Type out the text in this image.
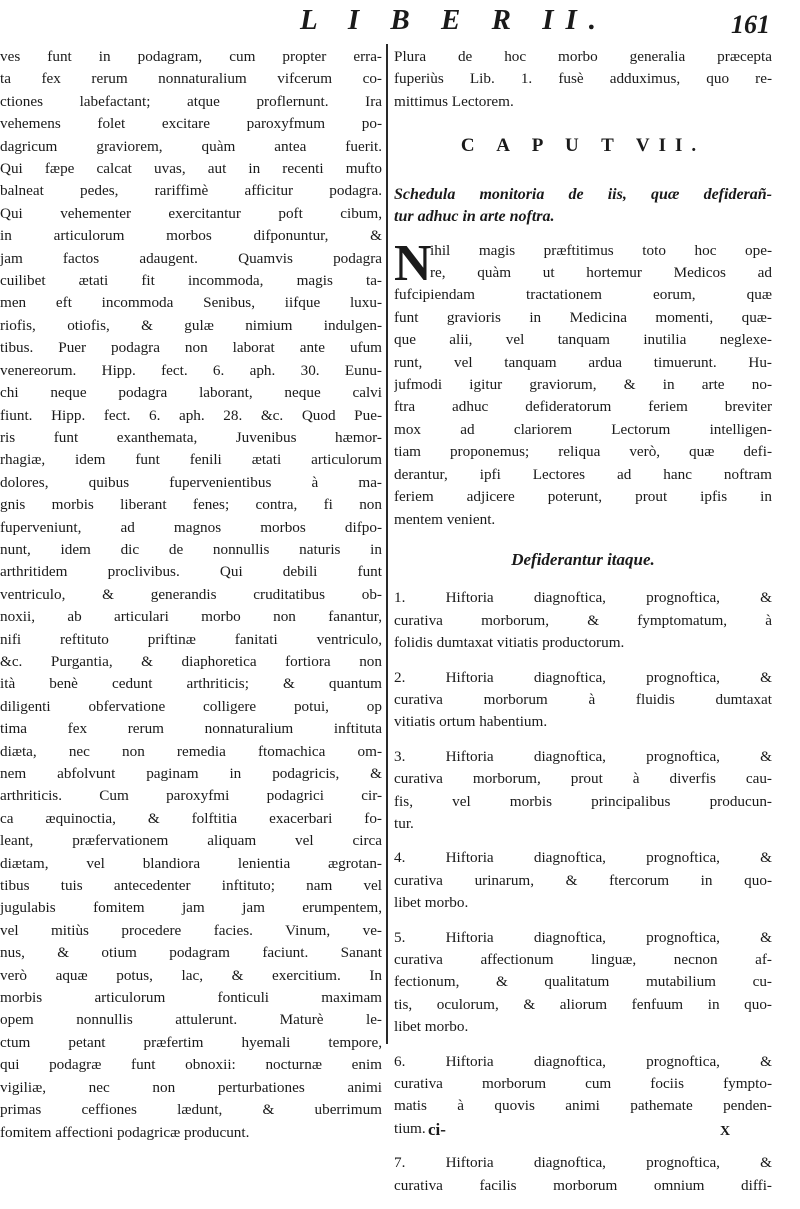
L I B E R II.	161
ves funt in podagram, cum propter erra-
ta fex rerum nonnaturalium vifcerum co-
ctiones labefactant; atque proflernunt. Ira
vehemens folet excitare paroxyfmum po-
dagricum graviorem, quàm antea fuerit.
Qui fæpe calcat uvas, aut in recenti mufto
balneat pedes, rariffimè afficitur podagra.
Qui vehementer exercitantur poft cibum,
in articulorum morbos difponuntur, &
jam factos adaugent. Quamvis podagra
cuilibet ætati fit incommoda, magis ta-
men eft incommoda Senibus, iifque luxu-
riofis, otiofis, & gulæ nimium indulgen-
tibus. Puer podagra non laborat ante ufum
venereorum. Hipp. fect. 6. aph. 30. Eunu-
chi neque podagra laborant, neque calvi
fiunt. Hipp. fect. 6. aph. 28. &c. Quod Pue-
ris funt exanthemata, Juvenibus hæmor-
rhagiæ, idem funt fenili ætati articulorum
dolores, quibus fupervenientibus à ma-
gnis morbis liberant fenes; contra, fi non
fuperveniunt, ad magnos morbos difpo-
nunt, idem dic de nonnullis naturis in
arthritidem proclivibus. Qui debili funt
ventriculo, & generandis cruditatibus ob-
noxii, ab articulari morbo non fanantur,
nifi reftituto priftinæ fanitati ventriculo,
&c. Purgantia, & diaphoretica fortiora non
ità benè cedunt arthriticis; & quantum
diligenti obfervatione colligere potui, op
tima fex rerum nonnaturalium inftituta
diæta, nec non remedia ftomachica om-
nem abfolvunt paginam in podagricis, &
arthriticis. Cum paroxyfmi podagrici cir-
ca æquinoctia, & folftitia exacerbari fo-
leant, præfervationem aliquam vel circa
diætam, vel blandiora lenientia ægrotan-
tibus tuis antecedenter inftituto; nam vel
jugulabis fomitem jam jam erumpentem,
vel mitiùs procedere facies. Vinum, ve-
nus, & otium podagram faciunt. Sanant
verò aquæ potus, lac, & exercitium. In
morbis articulorum fonticuli maximam
opem nonnullis attulerunt. Maturè le-
ctum petant præfertim hyemali tempore,
qui podagræ funt obnoxii: nocturnæ enim
vigiliæ, nec non perturbationes animi
primas ceffiones lædunt, & uberrimum
fomitem affectioni podagricæ producunt.
Plura de hoc morbo generalia præcepta
fuperiùs Lib. 1. fusè adduximus, quo re-
mittimus Lectorem.
C A P U T VII.
Schedula monitoria de iis, quæ defiderañ-
tur adhuc in arte noftra.
N
ihil magis præftitimus toto hoc ope-
re, quàm ut hortemur Medicos ad
fufcipiendam tractationem eorum, quæ
funt gravioris in Medicina momenti, quæ-
que alii, vel tanquam inutilia neglexe-
runt, vel tanquam ardua timuerunt. Hu-
jufmodi igitur graviorum, & in arte no-
ftra adhuc defideratorum feriem breviter
mox ad clariorem Lectorum intelligen-
tiam proponemus; reliqua verò, quæ defi-
derantur, ipfi Lectores ad hanc noftram
feriem adjicere poterunt, prout ipfis in
mentem venient.
Defiderantur itaque.
1. Hiftoria diagnoftica, prognoftica, &
curativa morborum, & fymptomatum, à
folidis dumtaxat vitiatis productorum.
2. Hiftoria diagnoftica, prognoftica, &
curativa morborum à fluidis dumtaxat
vitiatis ortum habentium.
3. Hiftoria diagnoftica, prognoftica, &
curativa morborum, prout à diverfis cau-
fis, vel morbis principalibus producun-
tur.
4. Hiftoria diagnoftica, prognoftica, &
curativa urinarum, & ftercorum in quo-
libet morbo.
5. Hiftoria diagnoftica, prognoftica, &
curativa affectionum linguæ, necnon af-
fectionum, & qualitatum mutabilium cu-
tis, oculorum, & aliorum fenfuum in quo-
libet morbo.
6. Hiftoria diagnoftica, prognoftica, &
curativa morborum cum fociis fympto-
matis à quovis animi pathemate penden-
tium.
7. Hiftoria diagnoftica, prognoftica, &
curativa facilis morborum omnium diffi-
X
ci-
